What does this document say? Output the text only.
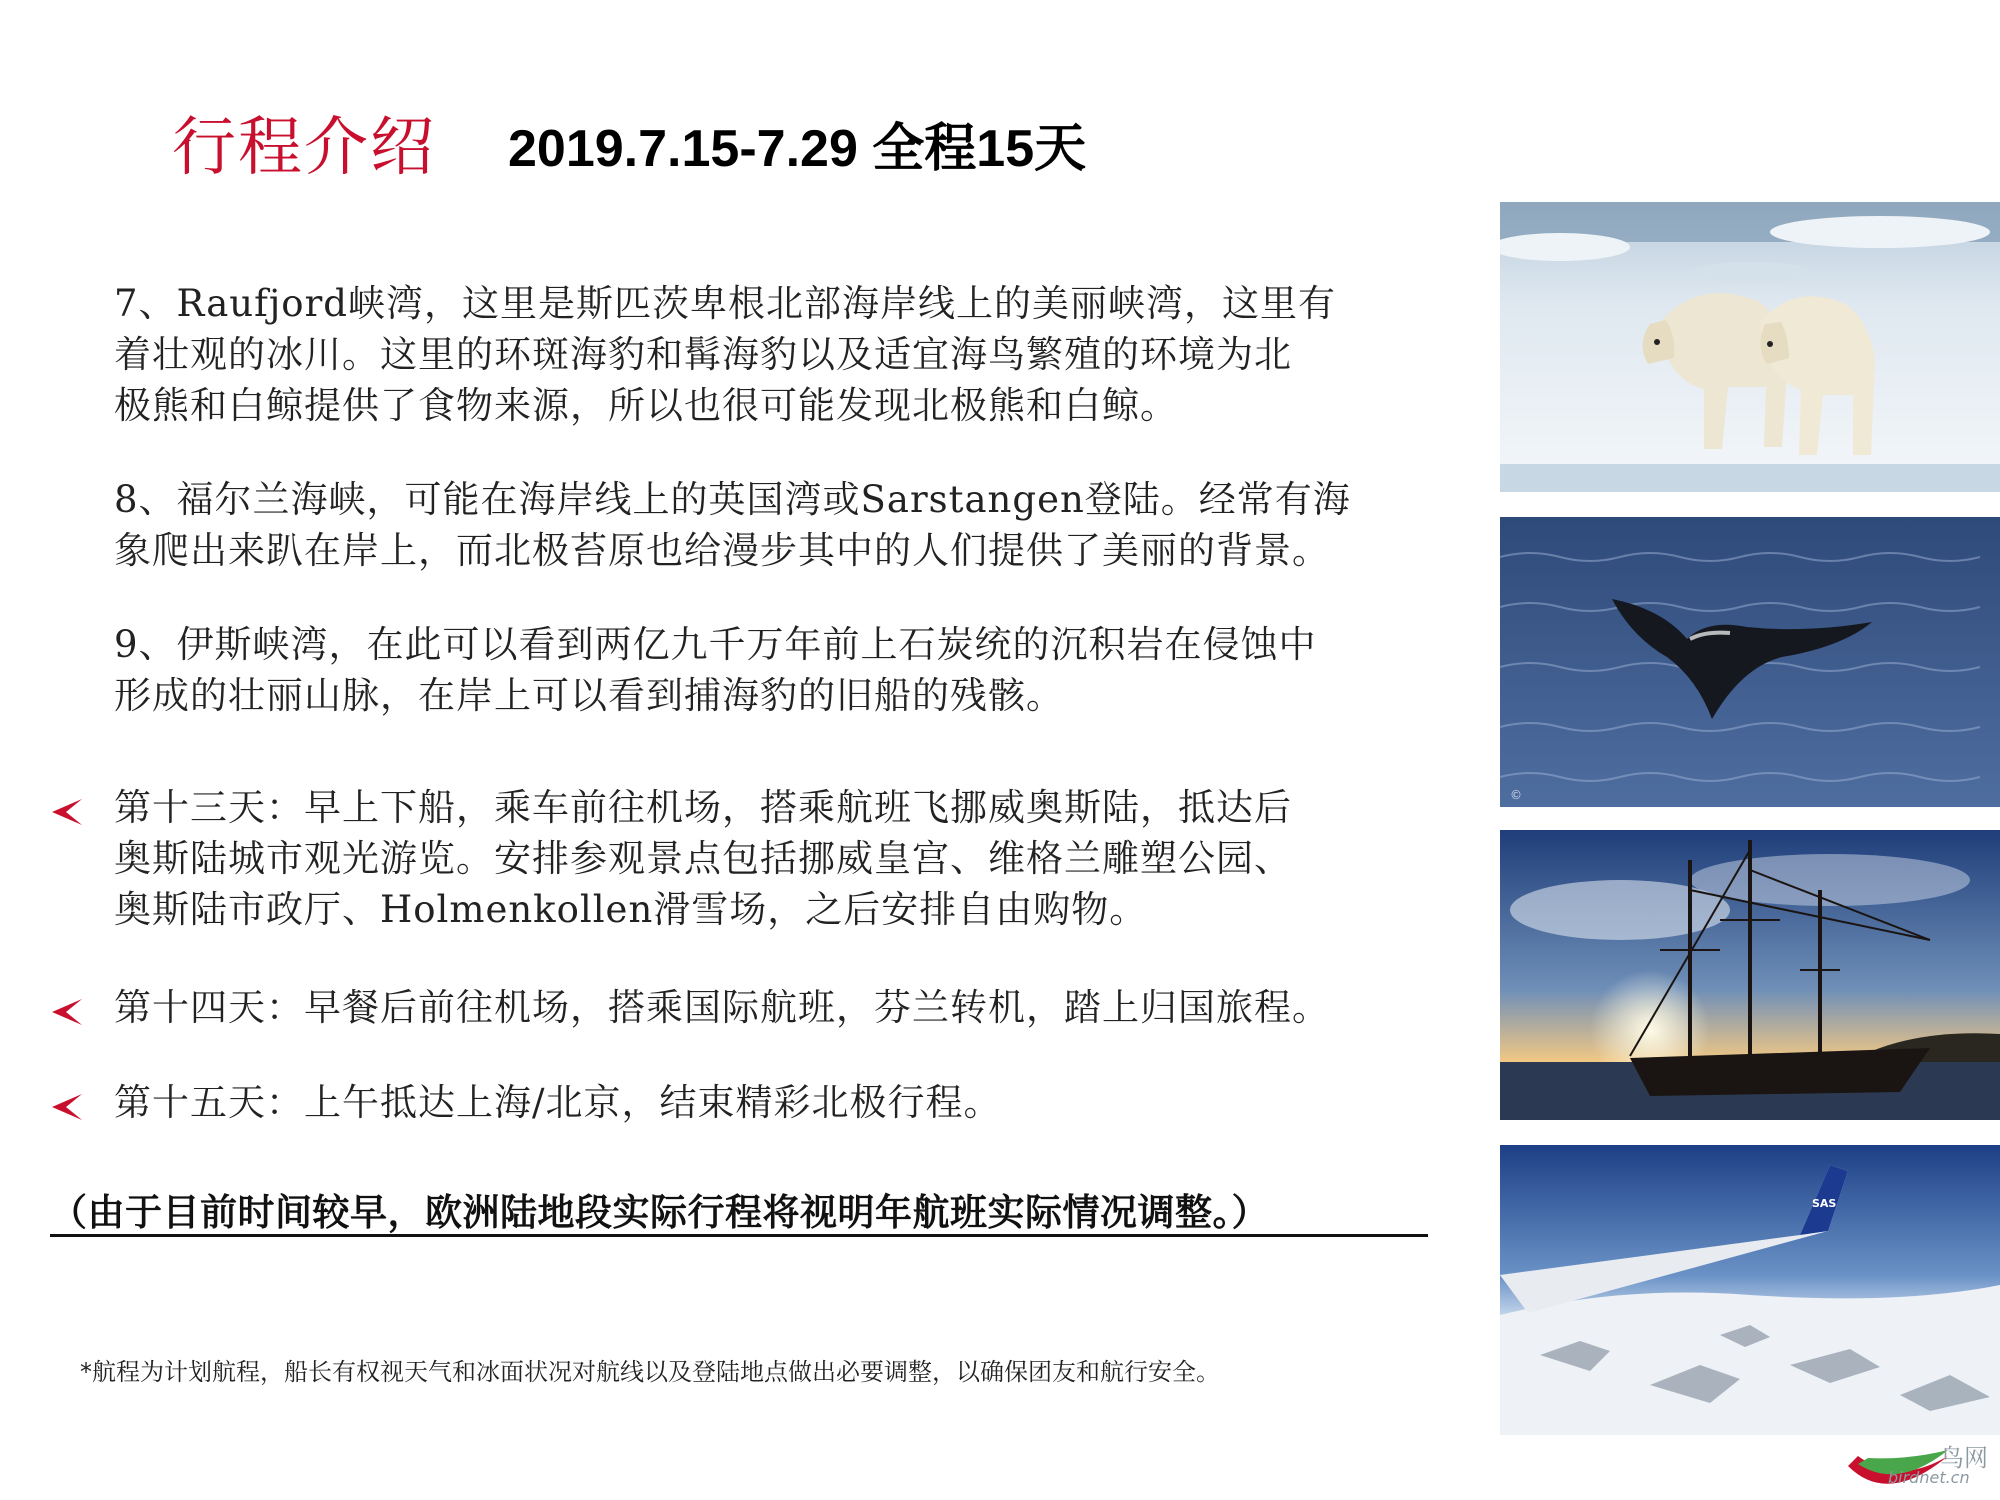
行程介绍 2019.7.15-7.29 全程15天

7、Raufjord峡湾，这里是斯匹茨卑根北部海岸线上的美丽峡湾，这里有
着壮观的冰川。这里的环斑海豹和髯海豹以及适宜海鸟繁殖的环境为北
极熊和白鲸提供了食物来源，所以也很可能发现北极熊和白鲸。

8、福尔兰海峡，可能在海岸线上的英国湾或Sarstangen登陆。经常有海
象爬出来趴在岸上，而北极苔原也给漫步其中的人们提供了美丽的背景。

9、伊斯峡湾，在此可以看到两亿九千万年前上石炭统的沉积岩在侵蚀中
形成的壮丽山脉，在岸上可以看到捕海豹的旧船的残骸。

第十三天：早上下船，乘车前往机场，搭乘航班飞挪威奥斯陆，抵达后
奥斯陆城市观光游览。安排参观景点包括挪威皇宫、维格兰雕塑公园、
奥斯陆市政厅、Holmenkollen滑雪场，之后安排自由购物。

第十四天：早餐后前往机场，搭乘国际航班，芬兰转机，踏上归国旅程。

第十五天：上午抵达上海/北京，结束精彩北极行程。

（由于目前时间较早，欧洲陆地段实际行程将视明年航班实际情况调整。）
*航程为计划航程，船长有权视天气和冰面状况对航线以及登陆地点做出必要调整，以确保团友和航行安全。
©
SAS
鸟网
birdnet.cn
